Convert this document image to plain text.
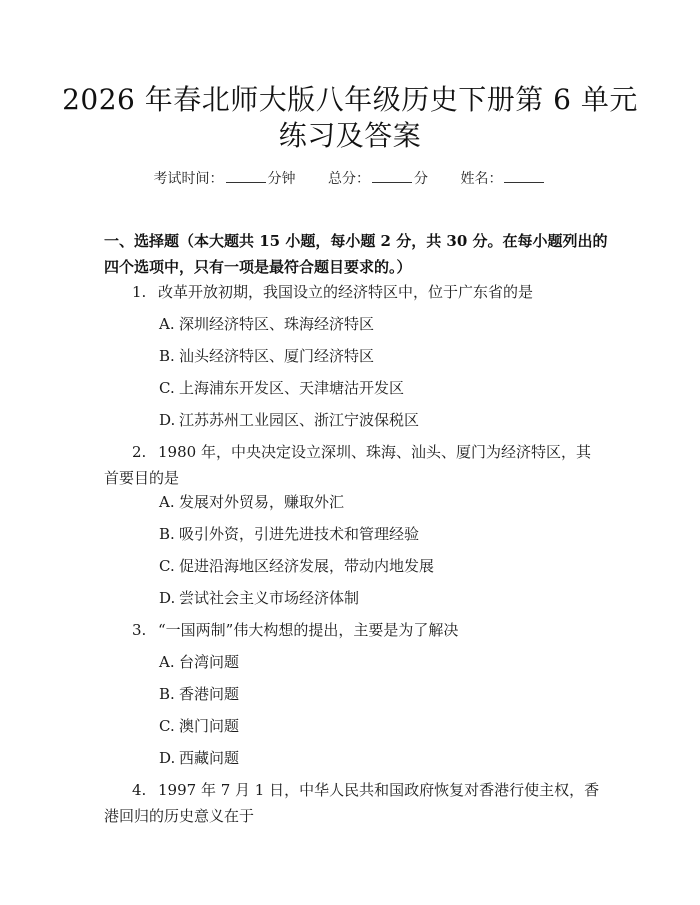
2026 年春北师大版八年级历史下册第 6 单元
练习及答案
考试时间：	分钟 总分：	分 姓名：
一、选择题（本大题共 15 小题，每小题 2 分，共 30 分。在每小题列出的四个选项中，只有一项是最符合题目要求的。）
1. 改革开放初期，我国设立的经济特区中，位于广东省的是
A. 深圳经济特区、珠海经济特区
B. 汕头经济特区、厦门经济特区
C. 上海浦东开发区、天津塘沽开发区
D. 江苏苏州工业园区、浙江宁波保税区
2. 1980 年，中央决定设立深圳、珠海、汕头、厦门为经济特区，其首要目的是
A. 发展对外贸易，赚取外汇
B. 吸引外资，引进先进技术和管理经验
C. 促进沿海地区经济发展，带动内地发展
D. 尝试社会主义市场经济体制
3. “一国两制”伟大构想的提出，主要是为了解决
A. 台湾问题
B. 香港问题
C. 澳门问题
D. 西藏问题
4. 1997 年 7 月 1 日，中华人民共和国政府恢复对香港行使主权，香港回归的历史意义在于
